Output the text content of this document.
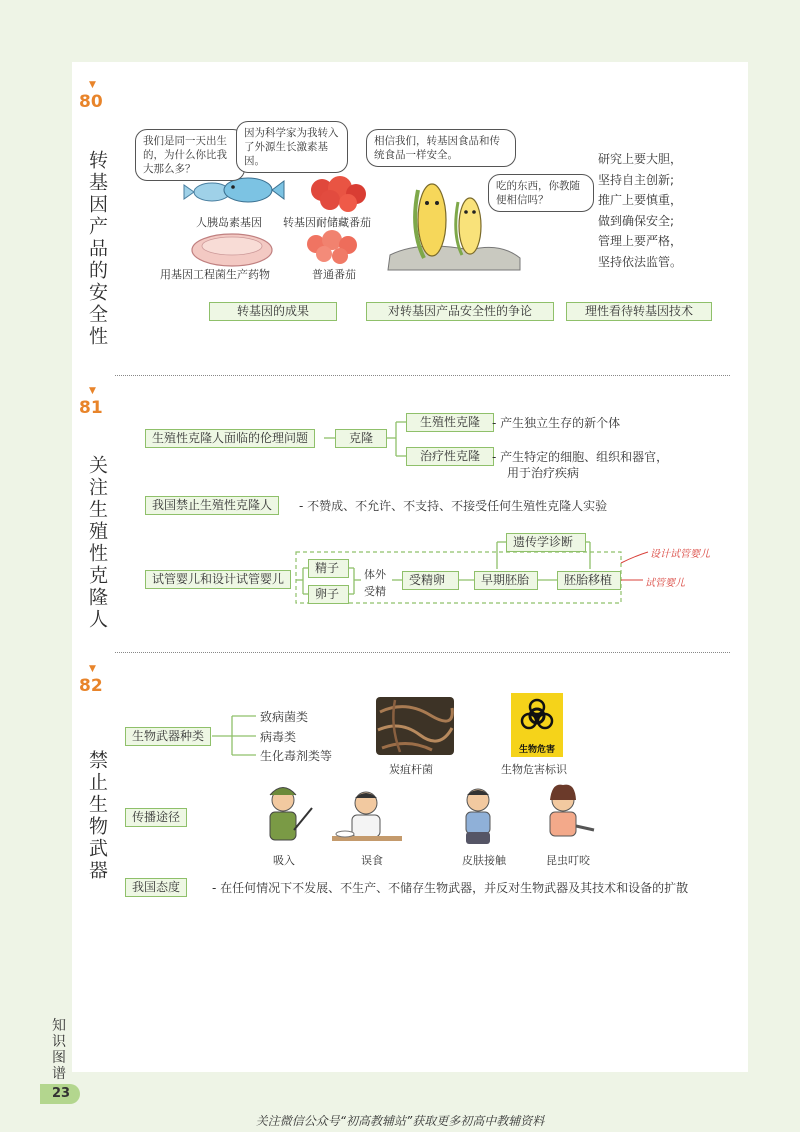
知识图谱
23
▼
80
转基因产品的安全性
我们是同一天出生的，为什么你比我大那么多？
因为科学家为我转入了外源生长激素基因。
相信我们，转基因食品和传统食品一样安全。
吃的东西，你教随便相信吗？
人胰岛素基因 转基因耐储藏番茄
用基因工程菌生产药物	普通番茄
研究上要大胆，
坚持自主创新;
推广上要慎重，
做到确保安全;
管理上要严格，
坚持依法监管。
转基因的成果	对转基因产品安全性的争论	理性看待转基因技术
▼
81
关注生殖性克隆人
生殖性克隆人面临的伦理问题	克隆
生殖性克隆	- 产生独立生存的新个体
治疗性克隆	- 产生特定的细胞、组织和器官，
用于治疗疾病
我国禁止生殖性克隆人	- 不赞成、不允许、不支持、不接受任何生殖性克隆人实验
试管婴儿和设计试管婴儿
精子
卵子
体外
受精
受精卵	早期胚胎
遗传学诊断
胚胎移植
设计试管婴儿
试管婴儿
▼
82
禁止生物武器
生物武器种类
致病菌类
病毒类
生化毒剂类等
炭疽杆菌
生物危害
生物危害标识
传播途径
吸入	误食	皮肤接触	昆虫叮咬
我国态度	- 在任何情况下不发展、不生产、不储存生物武器，并反对生物武器及其技术和设备的扩散
关注微信公众号“初高教辅站”获取更多初高中教辅资料
